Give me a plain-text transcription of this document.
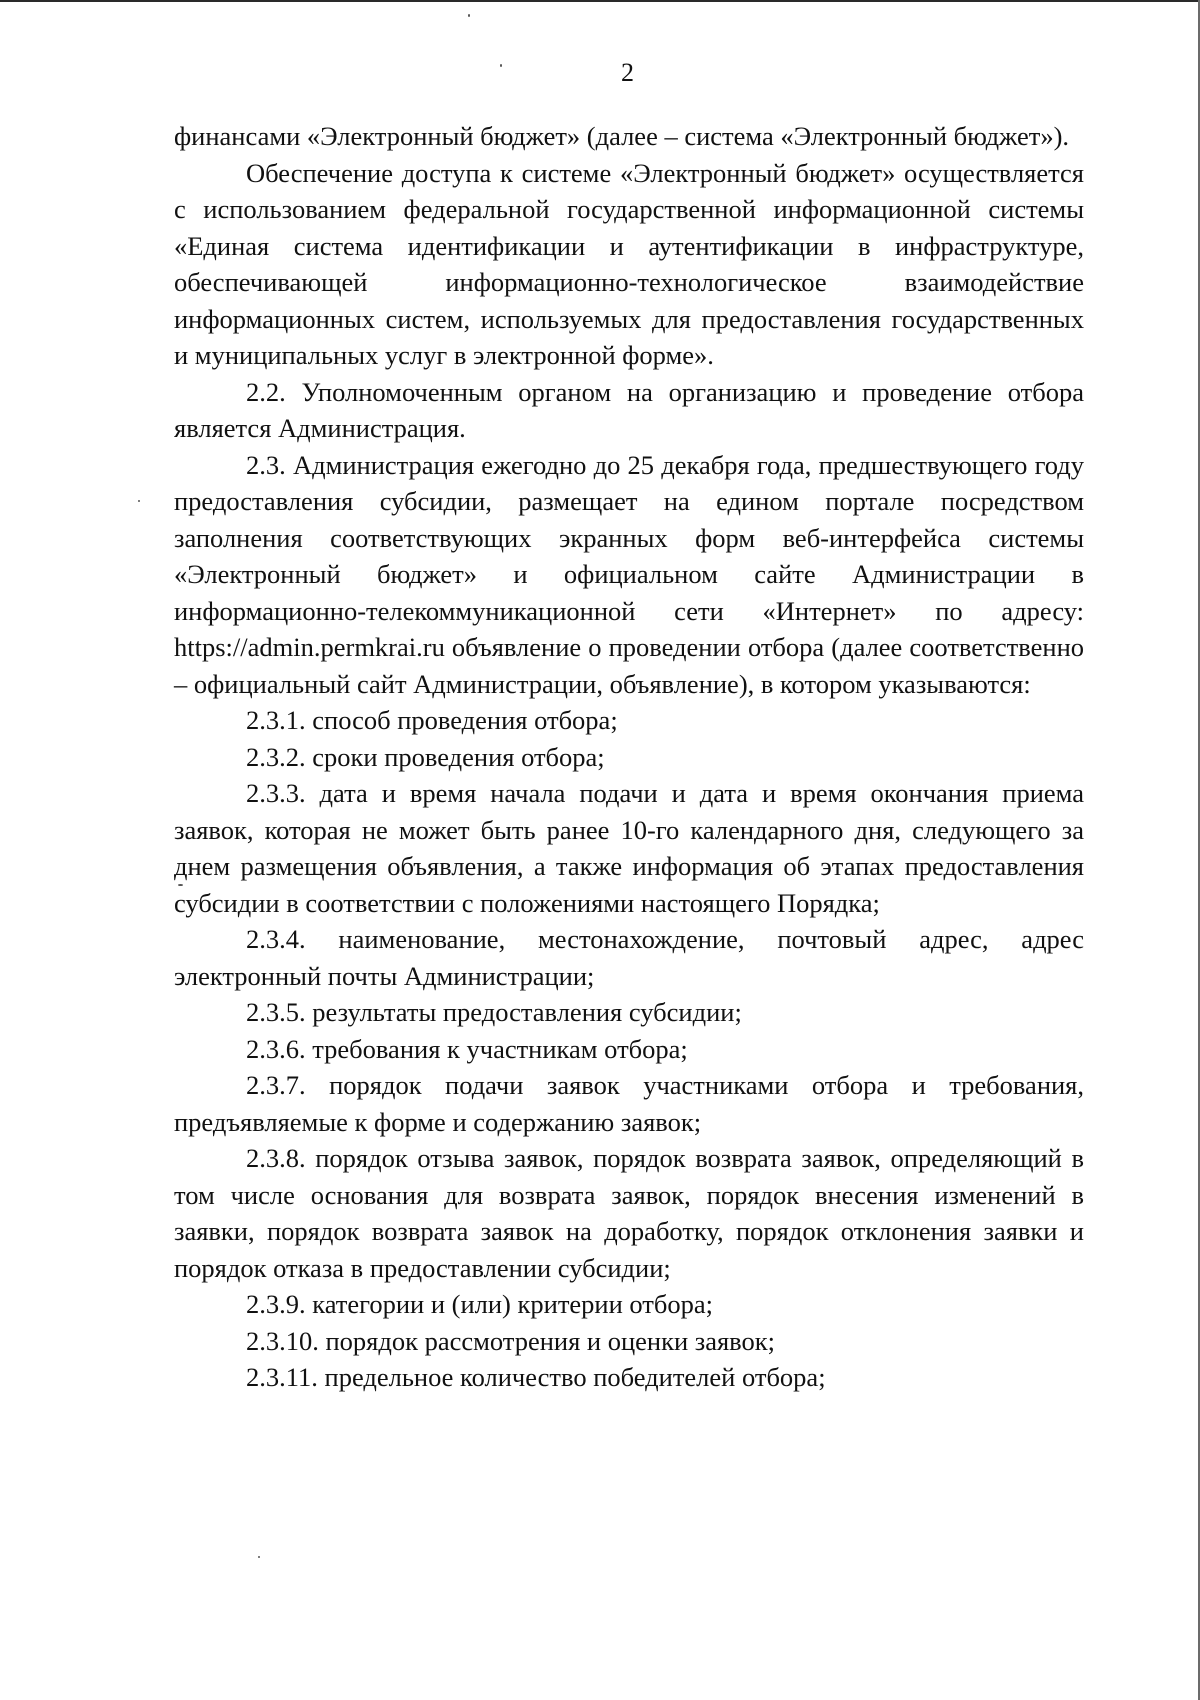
2

финансами «Электронный бюджет» (далее – система «Электронный бюджет»).

Обеспечение доступа к системе «Электронный бюджет» осуществляется с использованием федеральной государственной информационной системы «Единая система идентификации и аутентификации в инфраструктуре, обеспечивающей информационно-технологическое взаимодействие информационных систем, используемых для предоставления государственных и муниципальных услуг в электронной форме».

2.2. Уполномоченным органом на организацию и проведение отбора является Администрация.

2.3. Администрация ежегодно до 25 декабря года, предшествующего году предоставления субсидии, размещает на едином портале посредством заполнения соответствующих экранных форм веб-интерфейса системы «Электронный бюджет» и официальном сайте Администрации в информационно-телекоммуникационной сети «Интернет» по адресу: https://admin.permkrai.ru объявление о проведении отбора (далее соответственно – официальный сайт Администрации, объявление), в котором указываются:

2.3.1. способ проведения отбора;

2.3.2. сроки проведения отбора;

2.3.3. дата и время начала подачи и дата и время окончания приема заявок, которая не может быть ранее 10-го календарного дня, следующего за днем размещения объявления, а также информация об этапах предоставления субсидии в соответствии с положениями настоящего Порядка;

2.3.4. наименование, местонахождение, почтовый адрес, адрес электронный почты Администрации;

2.3.5. результаты предоставления субсидии;

2.3.6. требования к участникам отбора;

2.3.7. порядок подачи заявок участниками отбора и требования, предъявляемые к форме и содержанию заявок;

2.3.8. порядок отзыва заявок, порядок возврата заявок, определяющий в том числе основания для возврата заявок, порядок внесения изменений в заявки, порядок возврата заявок на доработку, порядок отклонения заявки и порядок отказа в предоставлении субсидии;

2.3.9. категории и (или) критерии отбора;

2.3.10. порядок рассмотрения и оценки заявок;

2.3.11. предельное количество победителей отбора;
